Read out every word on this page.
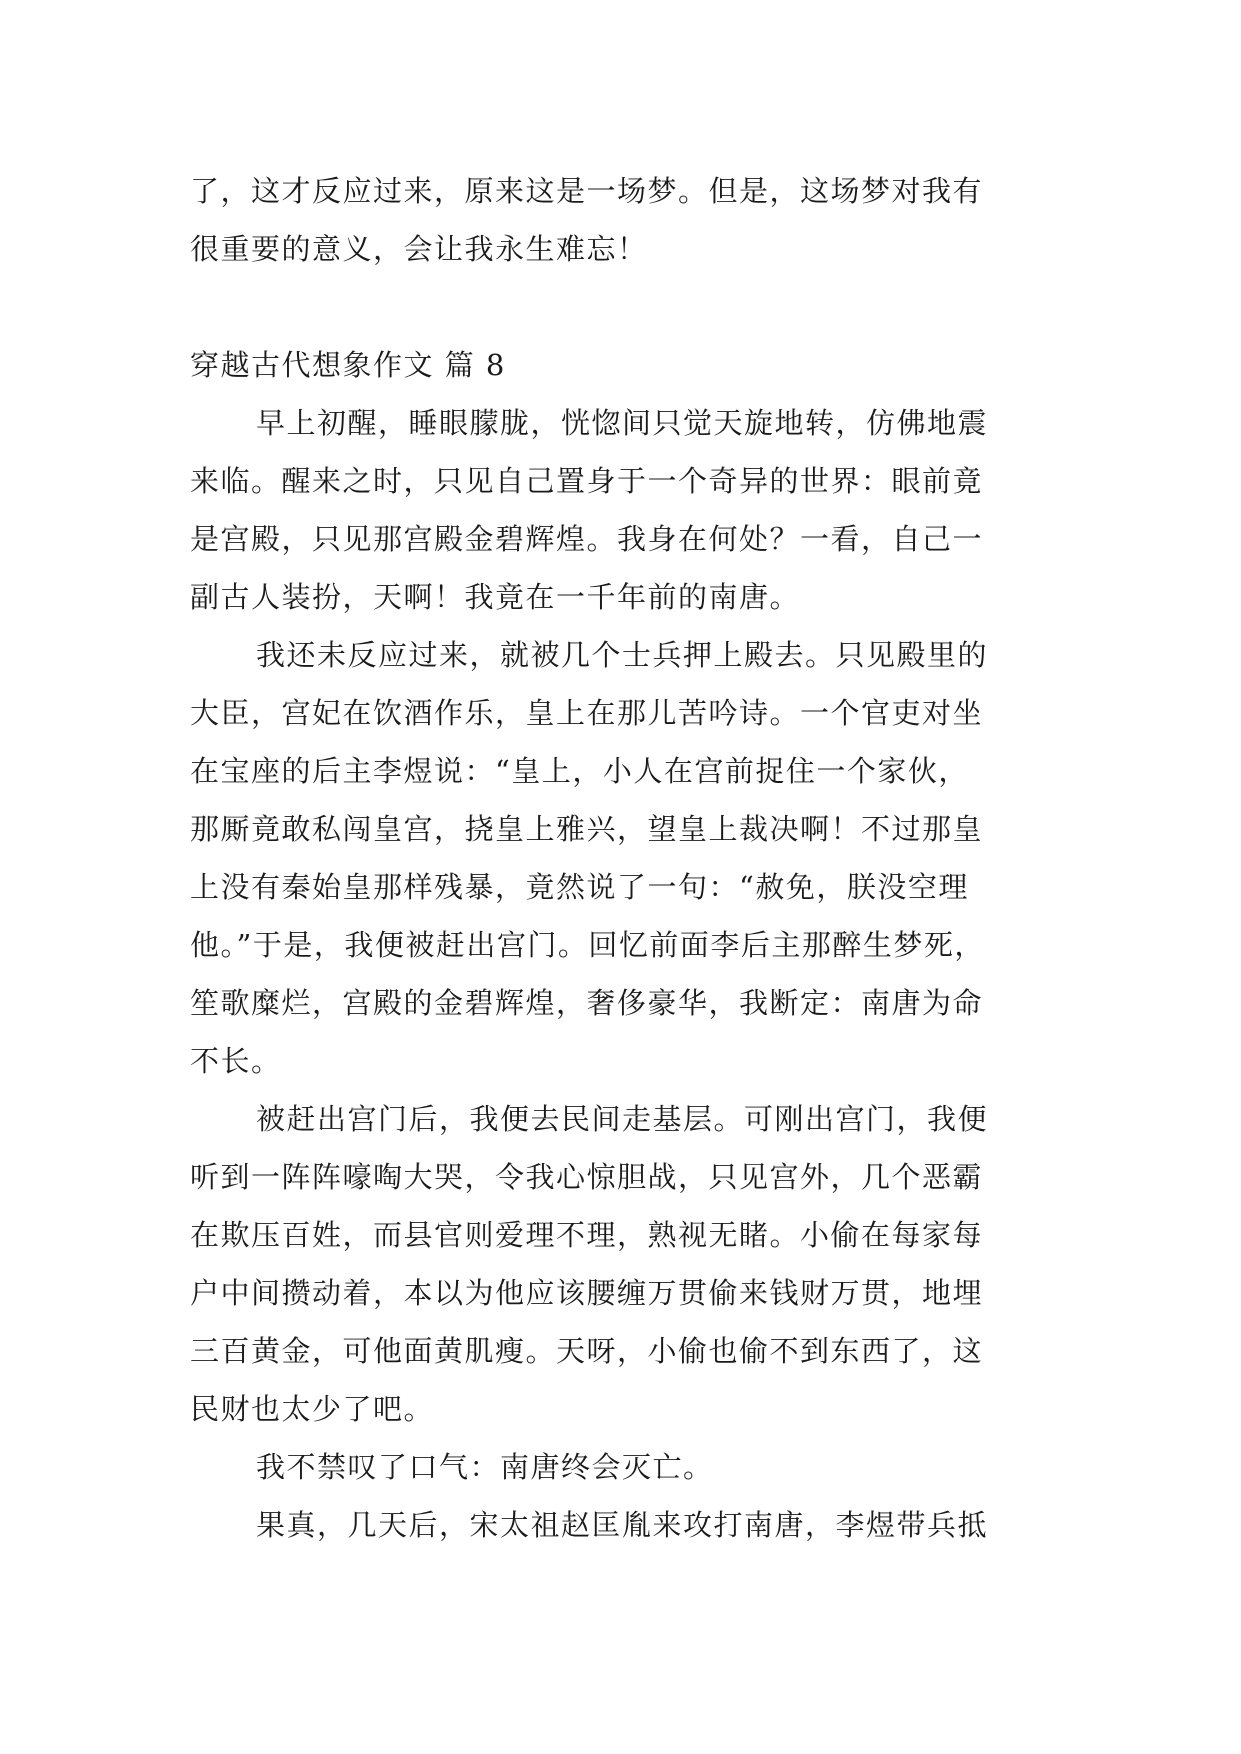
了，这才反应过来，原来这是一场梦。但是，这场梦对我有
很重要的意义，会让我永生难忘！
穿越古代想象作文 篇 8
早上初醒，睡眼朦胧，恍惚间只觉天旋地转，仿佛地震
来临。醒来之时，只见自己置身于一个奇异的世界：眼前竟
是宫殿，只见那宫殿金碧辉煌。我身在何处？一看，自己一
副古人装扮，天啊！我竟在一千年前的南唐。
我还未反应过来，就被几个士兵押上殿去。只见殿里的
大臣，宫妃在饮酒作乐，皇上在那儿苦吟诗。一个官吏对坐
在宝座的后主李煜说：“皇上，小人在宫前捉住一个家伙，
那厮竟敢私闯皇宫，挠皇上雅兴，望皇上裁决啊！不过那皇
上没有秦始皇那样残暴，竟然说了一句：“赦免，朕没空理
他。”于是，我便被赶出宫门。回忆前面李后主那醉生梦死，
笙歌糜烂，宫殿的金碧辉煌，奢侈豪华，我断定：南唐为命
不长。
被赶出宫门后，我便去民间走基层。可刚出宫门，我便
听到一阵阵嚎啕大哭，令我心惊胆战，只见宫外，几个恶霸
在欺压百姓，而县官则爱理不理，熟视无睹。小偷在每家每
户中间攒动着，本以为他应该腰缠万贯偷来钱财万贯，地埋
三百黄金，可他面黄肌瘦。天呀，小偷也偷不到东西了，这
民财也太少了吧。
我不禁叹了口气：南唐终会灭亡。
果真，几天后，宋太祖赵匡胤来攻打南唐，李煜带兵抵
